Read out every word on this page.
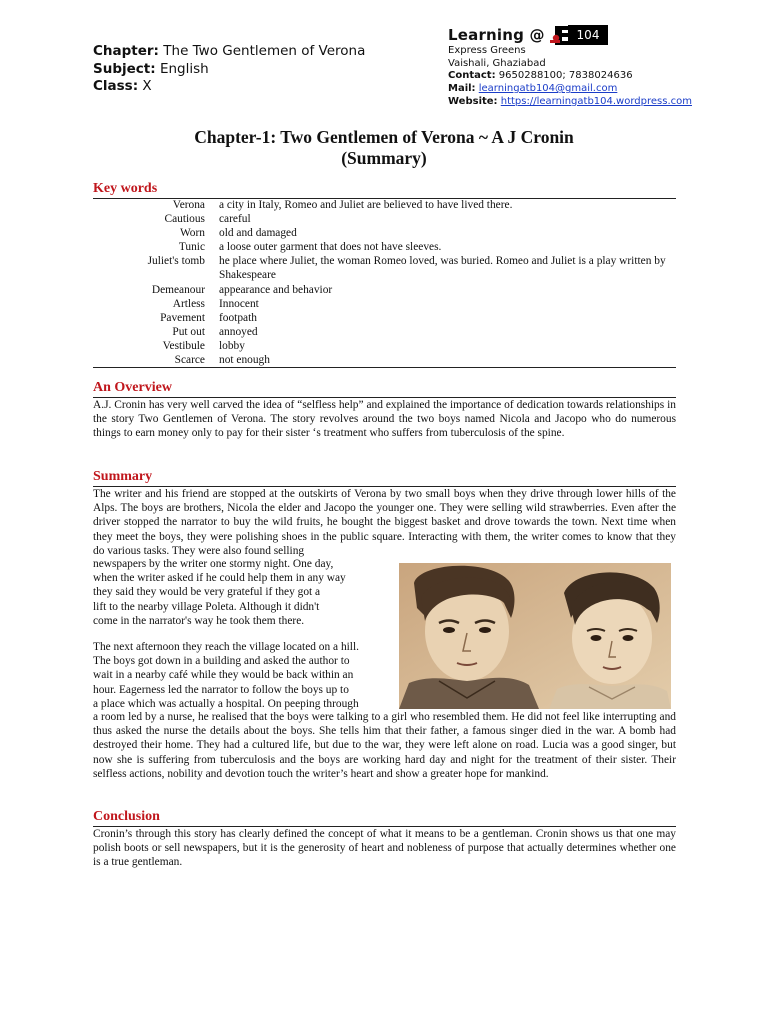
Chapter: The Two Gentlemen of Verona
Subject: English
Class: X
Learning @	104
Express Greens
Vaishali, Ghaziabad
Contact: 9650288100; 7838024636
Mail: learningatb104@gmail.com
Website: https://learningatb104.wordpress.com
Chapter-1: Two Gentlemen of Verona ~ A J Cronin
(Summary)
Key words
Verona	a city in Italy, Romeo and Juliet are believed to have lived there.
Cautious	careful
Worn	old and damaged
Tunic	a loose outer garment that does not have sleeves.
Juliet's tomb	he place where Juliet, the woman Romeo loved, was buried. Romeo and Juliet is a play written by Shakespeare
Demeanour	appearance and behavior
Artless	Innocent
Pavement	footpath
Put out	annoyed
Vestibule	lobby
Scarce	not enough
An Overview
A.J. Cronin has very well carved the idea of “selfless help” and explained the importance of dedication towards relationships in the story Two Gentlemen of Verona. The story revolves around the two boys named Nicola and Jacopo who do numerous things to earn money only to pay for their sister ‘s treatment who suffers from tuberculosis of the spine.
Summary
The writer and his friend are stopped at the outskirts of Verona by two small boys when they drive through lower hills of the Alps. The boys are brothers, Nicola the elder and Jacopo the younger one. They were selling wild strawberries. Even after the driver stopped the narrator to buy the wild fruits, he bought the biggest basket and drove towards the town. Next time when they meet the boys, they were polishing shoes in the public square. Interacting with them, the writer comes to know that they do various tasks. They were also found selling
newspapers by the writer one stormy night. One day,
when the writer asked if he could help them in any way
they said they would be very grateful if they got a
lift to the nearby village Poleta. Although it didn't
come in the narrator's way he took them there.
The next afternoon they reach the village located on a hill.
The boys got down in a building and asked the author to
wait in a nearby café while they would be back within an
hour. Eagerness led the narrator to follow the boys up to
a place which was actually a hospital. On peeping through
a room led by a nurse, he realised that the boys were talking to a girl who resembled them. He did not feel like interrupting and thus asked the nurse the details about the boys. She tells him that their father, a famous singer died in the war. A bomb had destroyed their home. They had a cultured life, but due to the war, they were left alone on road. Lucia was a good singer, but now she is suffering from tuberculosis and the boys are working hard day and night for the treatment of their sister. Their selfless actions, nobility and devotion touch the writer’s heart and show a greater hope for mankind.
Conclusion
Cronin’s through this story has clearly defined the concept of what it means to be a gentleman. Cronin shows us that one may polish boots or sell newspapers, but it is the generosity of heart and nobleness of purpose that actually determines whether one is a true gentleman.
